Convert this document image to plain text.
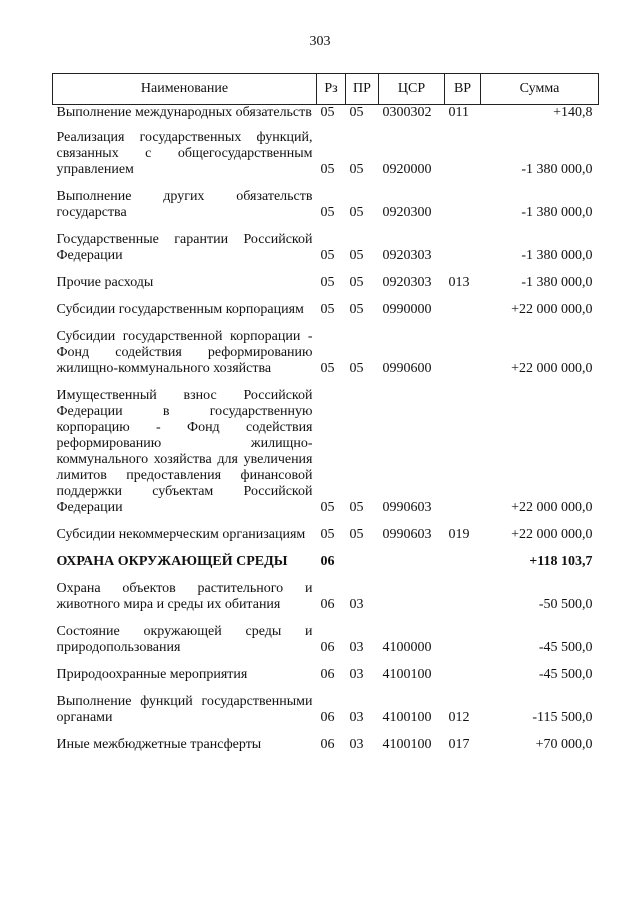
303
Наименование	Рз	ПР	ЦСР	ВР	Сумма
Выполнение международных обязательств	05	05	0300302	011	+140,8
Реализация государственных функций, связанных с общегосударственным управлением	05	05	0920000		-1 380 000,0
Выполнение других обязательств государства	05	05	0920300		-1 380 000,0
Государственные гарантии Российской Федерации	05	05	0920303		-1 380 000,0
Прочие расходы	05	05	0920303	013	-1 380 000,0
Субсидии государственным корпорациям	05	05	0990000		+22 000 000,0
Субсидии государственной корпорации - Фонд содействия реформированию жилищно-коммунального хозяйства	05	05	0990600		+22 000 000,0
Имущественный взнос Российской Федерации в государственную корпорацию - Фонд содействия реформированию жилищно-коммунального хозяйства для увеличения лимитов предоставления финансовой поддержки субъектам Российской Федерации	05	05	0990603		+22 000 000,0
Субсидии некоммерческим организациям	05	05	0990603	019	+22 000 000,0
ОХРАНА ОКРУЖАЮЩЕЙ СРЕДЫ	06				+118 103,7
Охрана объектов растительного и животного мира и среды их обитания	06	03			-50 500,0
Состояние окружающей среды и природопользования	06	03	4100000		-45 500,0
Природоохранные мероприятия	06	03	4100100		-45 500,0
Выполнение функций государственными органами	06	03	4100100	012	-115 500,0
Иные межбюджетные трансферты	06	03	4100100	017	+70 000,0
